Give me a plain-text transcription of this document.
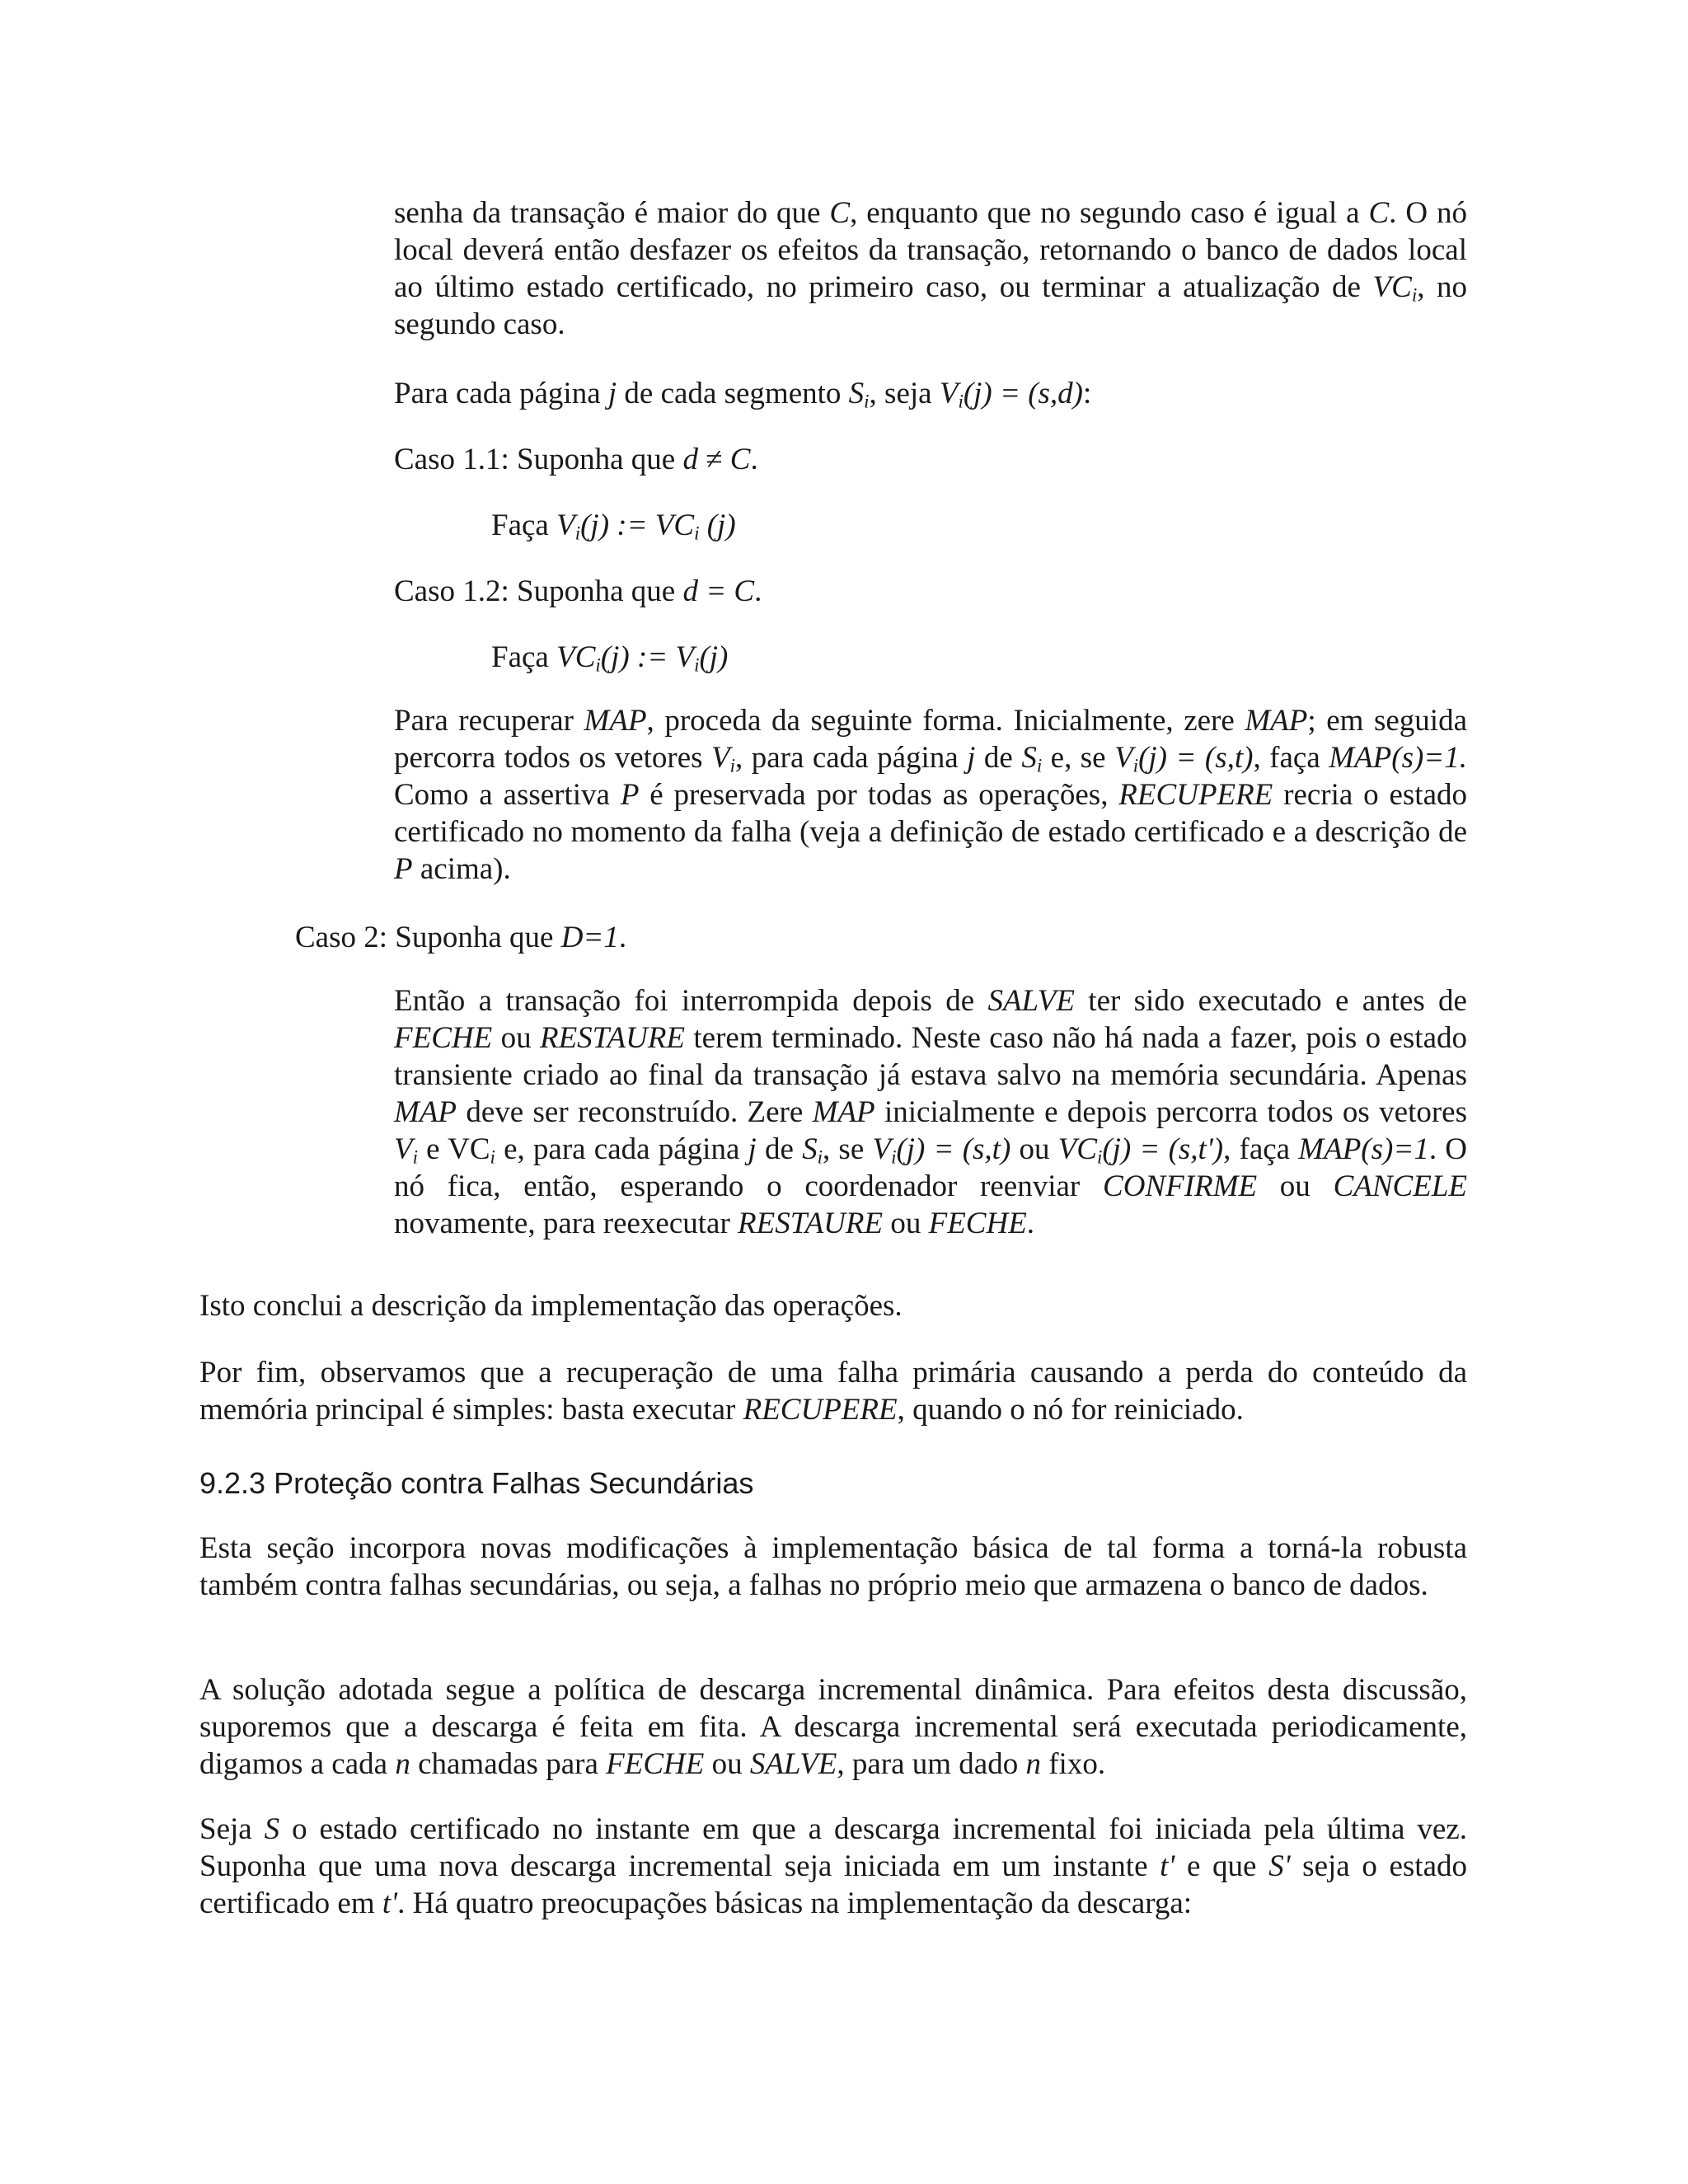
senha da transação é maior do que C, enquanto que no segundo caso é igual a C. O nó local deverá então desfazer os efeitos da transação, retornando o banco de dados local ao último estado certificado, no primeiro caso, ou terminar a atualização de $VC_i$, no segundo caso.

Para cada página j de cada segmento $S_i$, seja $V_i(j) = (s,d)$:

Caso 1.1: Suponha que d ≠ C.

Faça $V_i(j)$ := $VC_i$ (j)

Caso 1.2: Suponha que d = C.

Faça $VC_i(j)$ := $V_i(j)$

Para recuperar MAP, proceda da seguinte forma. Inicialmente, zere MAP; em seguida percorra todos os vetores $V_i$, para cada página j de $S_i$ e, se $V_i(j) = (s,t)$, faça MAP(s)=1. Como a assertiva P é preservada por todas as operações, RECUPERE recria o estado certificado no momento da falha (veja a definição de estado certificado e a descrição de P acima).

Caso 2: Suponha que D=1.

Então a transação foi interrompida depois de SALVE ter sido executado e antes de FECHE ou RESTAURE terem terminado. Neste caso não há nada a fazer, pois o estado transiente criado ao final da transação já estava salvo na memória secundária. Apenas MAP deve ser reconstruído. Zere MAP inicialmente e depois percorra todos os vetores $V_i$ e $VC_i$ e, para cada página j de $S_i$, se $V_i(j) = (s,t)$ ou $VC_i(j) = (s,t')$, faça MAP(s)=1. O nó fica, então, esperando o coordenador reenviar CONFIRME ou CANCELE novamente, para reexecutar RESTAURE ou FECHE.

Isto conclui a descrição da implementação das operações.

Por fim, observamos que a recuperação de uma falha primária causando a perda do conteúdo da memória principal é simples: basta executar RECUPERE, quando o nó for reiniciado.

9.2.3 Proteção contra Falhas Secundárias

Esta seção incorpora novas modificações à implementação básica de tal forma a torná-la robusta também contra falhas secundárias, ou seja, a falhas no próprio meio que armazena o banco de dados.

A solução adotada segue a política de descarga incremental dinâmica. Para efeitos desta discussão, suporemos que a descarga é feita em fita. A descarga incremental será executada periodicamente, digamos a cada n chamadas para FECHE ou SALVE, para um dado n fixo.

Seja S o estado certificado no instante em que a descarga incremental foi iniciada pela última vez. Suponha que uma nova descarga incremental seja iniciada em um instante t' e que S' seja o estado certificado em t'. Há quatro preocupações básicas na implementação da descarga:
